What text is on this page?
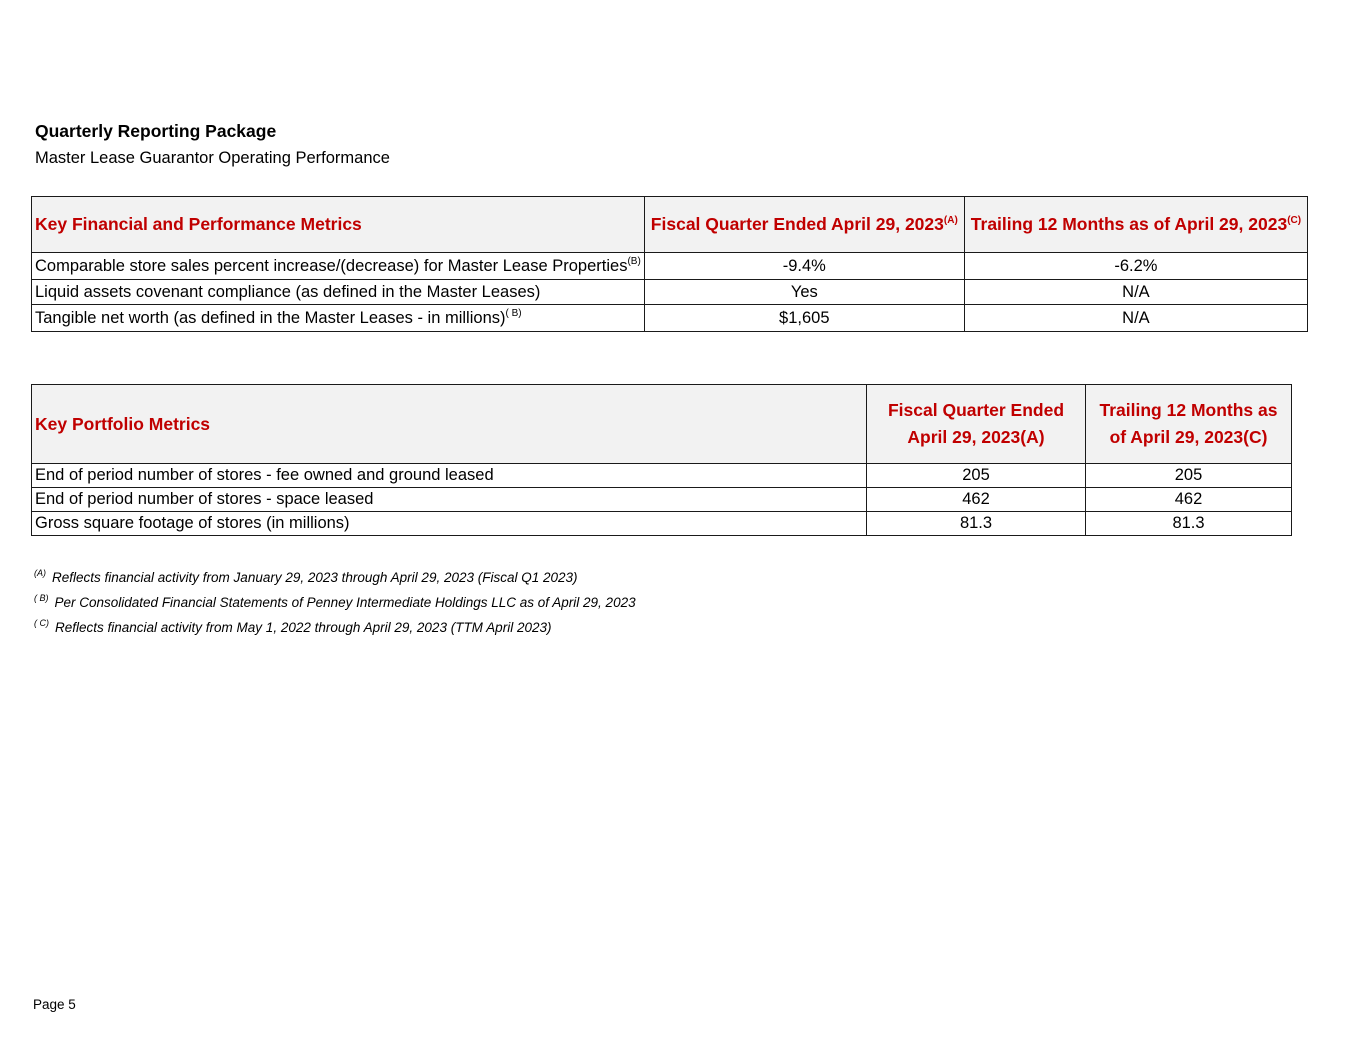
Quarterly Reporting Package
Master Lease Guarantor Operating Performance
Key Financial and Performance Metrics	Fiscal Quarter Ended April 29, $2023^{(A)}$	Trailing 12 Months as of April 29, $2023^{(C)}$
Comparable store sales percent increase/(decrease) for Master Lease Properties$^{(B)}$	-9.4%	-6.2%
Liquid assets covenant compliance (as defined in the Master Leases)	Yes	N/A
Tangible net worth (as defined in the Master Leases - in millions)$^{( B)}$	$1,605	N/A
Key Portfolio Metrics	Fiscal Quarter Ended April 29, 2023(A)	Trailing 12 Months as of April 29, 2023(C)
End of period number of stores - fee owned and ground leased	205	205
End of period number of stores - space leased	462	462
Gross square footage of stores (in millions)	81.3	81.3
$^{(A)}$ Reflects financial activity from January 29, 2023 through April 29, 2023 (Fiscal Q1 2023)
$^{( B)}$ Per Consolidated Financial Statements of Penney Intermediate Holdings LLC as of April 29, 2023
$^{( C)}$ Reflects financial activity from May 1, 2022 through April 29, 2023 (TTM April 2023)
Page 5
